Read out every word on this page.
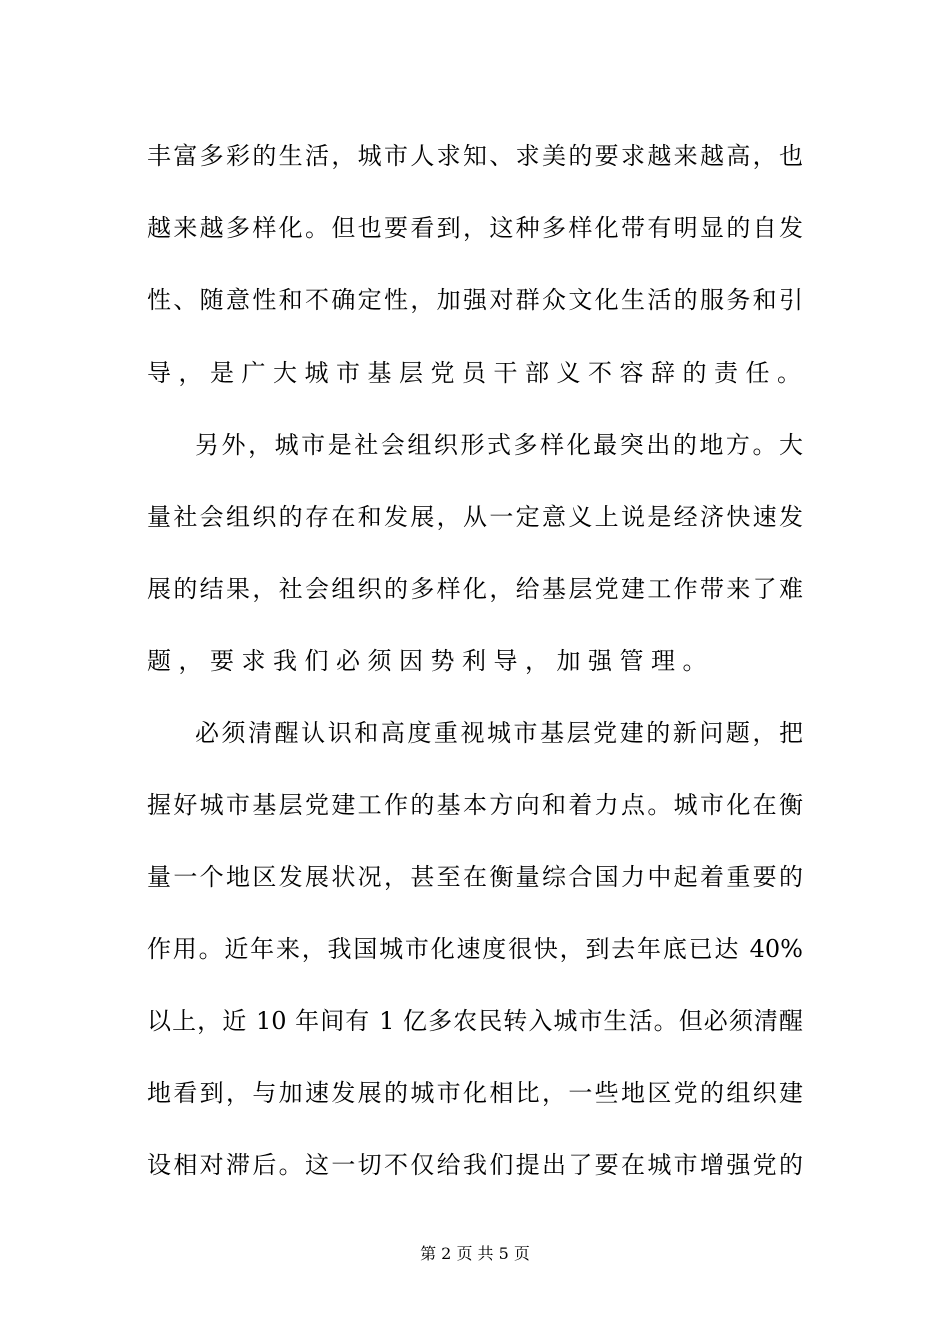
丰富多彩的生活，城市人求知、求美的要求越来越高，也
越来越多样化。但也要看到，这种多样化带有明显的自发
性、随意性和不确定性，加强对群众文化生活的服务和引
导，是广大城市基层党员干部义不容辞的责任。
另外，城市是社会组织形式多样化最突出的地方。大
量社会组织的存在和发展，从一定意义上说是经济快速发
展的结果，社会组织的多样化，给基层党建工作带来了难
题，要求我们必须因势利导，加强管理。
必须清醒认识和高度重视城市基层党建的新问题，把
握好城市基层党建工作的基本方向和着力点。城市化在衡
量一个地区发展状况，甚至在衡量综合国力中起着重要的
作用。近年来，我国城市化速度很快，到去年底已达 40%
以上，近 10 年间有 1 亿多农民转入城市生活。但必须清醒
地看到，与加速发展的城市化相比，一些地区党的组织建
设相对滞后。这一切不仅给我们提出了要在城市增强党的
第 2 页 共 5 页
